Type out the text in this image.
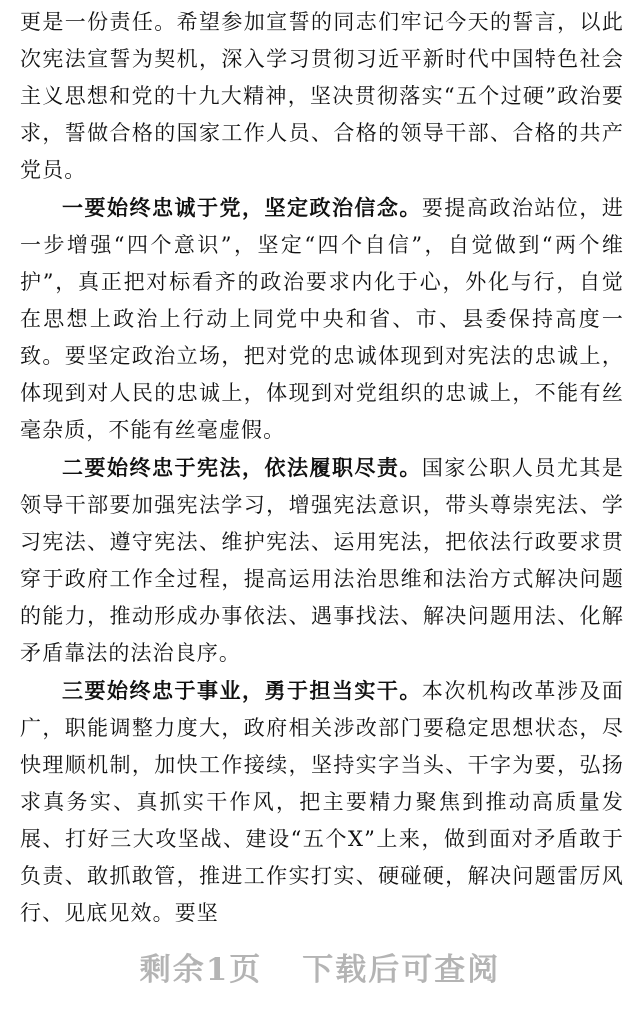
更是一份责任。希望参加宣誓的同志们牢记今天的誓言，以此次宪法宣誓为契机，深入学习贯彻习近平新时代中国特色社会主义思想和党的十九大精神，坚决贯彻落实“五个过硬”政治要求，誓做合格的国家工作人员、合格的领导干部、合格的共产党员。

一要始终忠诚于党，坚定政治信念。要提高政治站位，进一步增强“四个意识”，坚定“四个自信”，自觉做到“两个维护”，真正把对标看齐的政治要求内化于心，外化与行，自觉在思想上政治上行动上同党中央和省、市、县委保持高度一致。要坚定政治立场，把对党的忠诚体现到对宪法的忠诚上，体现到对人民的忠诚上，体现到对党组织的忠诚上，不能有丝毫杂质，不能有丝毫虚假。

二要始终忠于宪法，依法履职尽责。国家公职人员尤其是领导干部要加强宪法学习，增强宪法意识，带头尊崇宪法、学习宪法、遵守宪法、维护宪法、运用宪法，把依法行政要求贯穿于政府工作全过程，提高运用法治思维和法治方式解决问题的能力，推动形成办事依法、遇事找法、解决问题用法、化解矛盾靠法的法治良序。

三要始终忠于事业，勇于担当实干。本次机构改革涉及面广，职能调整力度大，政府相关涉改部门要稳定思想状态，尽快理顺机制，加快工作接续，坚持实字当头、干字为要，弘扬求真务实、真抓实干作风，把主要精力聚焦到推动高质量发展、打好三大攻坚战、建设“五个X”上来，做到面对矛盾敢于负责、敢抓敢管，推进工作实打实、硬碰硬，解决问题雷厉风行、见底见效。要坚

剩余1页 下载后可查阅
